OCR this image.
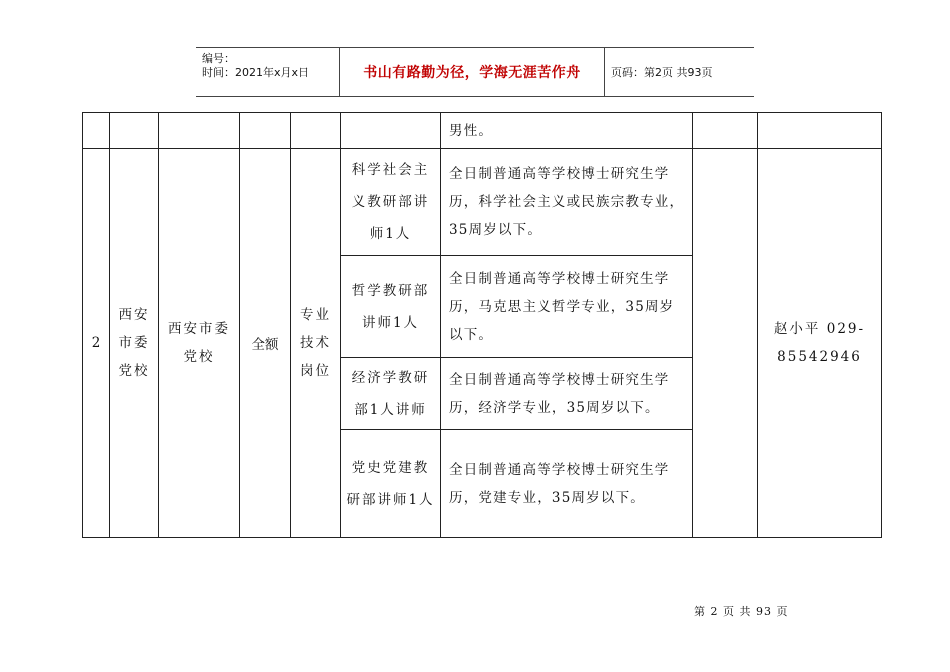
编号：
时间：2021年x月x日	书山有路勤为径，学海无涯苦作舟	页码：第2页 共93页
						男性。		
2	西安市委党校	西安市委党校	全额	专业技术岗位	科学社会主义教研部讲师1人	全日制普通高等学校博士研究生学历，科学社会主义或民族宗教专业，35周岁以下。		赵小平 029-85542946
					哲学教研部讲师1人	全日制普通高等学校博士研究生学历，马克思主义哲学专业，35周岁以下。		
					经济学教研部1人讲师	全日制普通高等学校博士研究生学历，经济学专业，35周岁以下。		
					党史党建教研部讲师1人	全日制普通高等学校博士研究生学历，党建专业，35周岁以下。		
第 2 页 共 93 页
